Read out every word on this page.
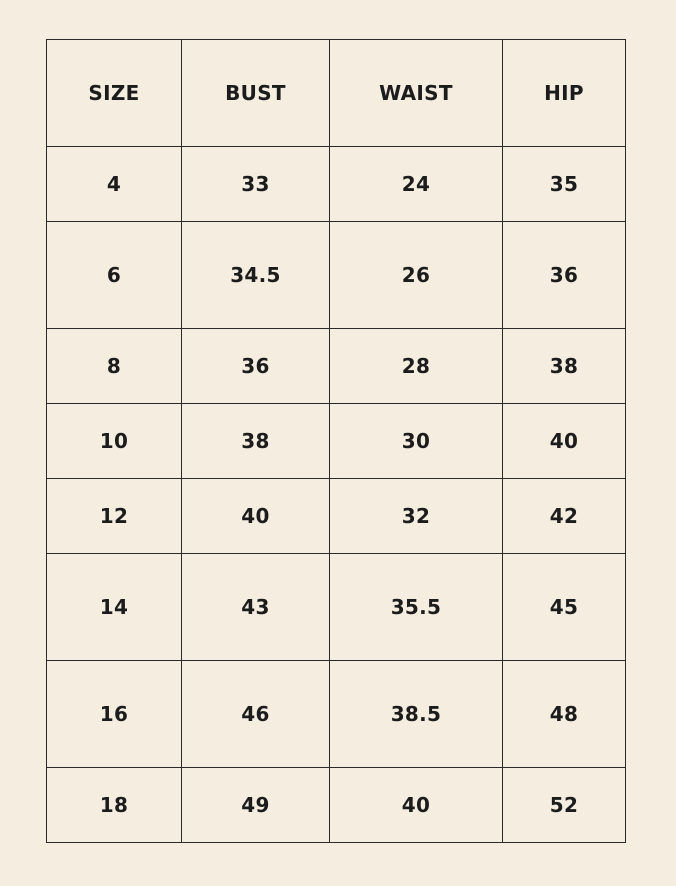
SIZE	BUST	WAIST	HIP
4	33	24	35
6	34.5	26	36
8	36	28	38
10	38	30	40
12	40	32	42
14	43	35.5	45
16	46	38.5	48
18	49	40	52
